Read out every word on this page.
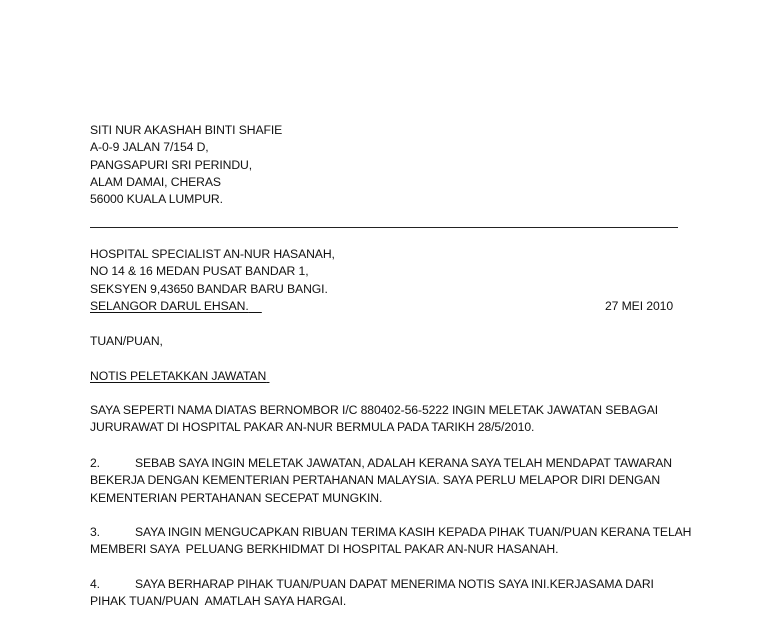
SITI NUR AKASHAH BINTI SHAFIE
A-0-9 JALAN 7/154 D,
PANGSAPURI SRI PERINDU,
ALAM DAMAI, CHERAS
56000 KUALA LUMPUR.
HOSPITAL SPECIALIST AN-NUR HASANAH,
NO 14 & 16 MEDAN PUSAT BANDAR 1,
SEKSYEN 9,43650 BANDAR BARU BANGI.
SELANGOR DARUL EHSAN.	27 MEI 2010
TUAN/PUAN,
NOTIS PELETAKKAN JAWATAN
SAYA SEPERTI NAMA DIATAS BERNOMBOR I/C 880402-56-5222 INGIN MELETAK JAWATAN SEBAGAI
JURURAWAT DI HOSPITAL PAKAR AN-NUR BERMULA PADA TARIKH 28/5/2010.
2.	SEBAB SAYA INGIN MELETAK JAWATAN, ADALAH KERANA SAYA TELAH MENDAPAT TAWARAN
BEKERJA DENGAN KEMENTERIAN PERTAHANAN MALAYSIA. SAYA PERLU MELAPOR DIRI DENGAN
KEMENTERIAN PERTAHANAN SECEPAT MUNGKIN.
3.	SAYA INGIN MENGUCAPKAN RIBUAN TERIMA KASIH KEPADA PIHAK TUAN/PUAN KERANA TELAH
MEMBERI SAYA  PELUANG BERKHIDMAT DI HOSPITAL PAKAR AN-NUR HASANAH.
4.	SAYA BERHARAP PIHAK TUAN/PUAN DAPAT MENERIMA NOTIS SAYA INI.KERJASAMA DARI
PIHAK TUAN/PUAN  AMATLAH SAYA HARGAI.
